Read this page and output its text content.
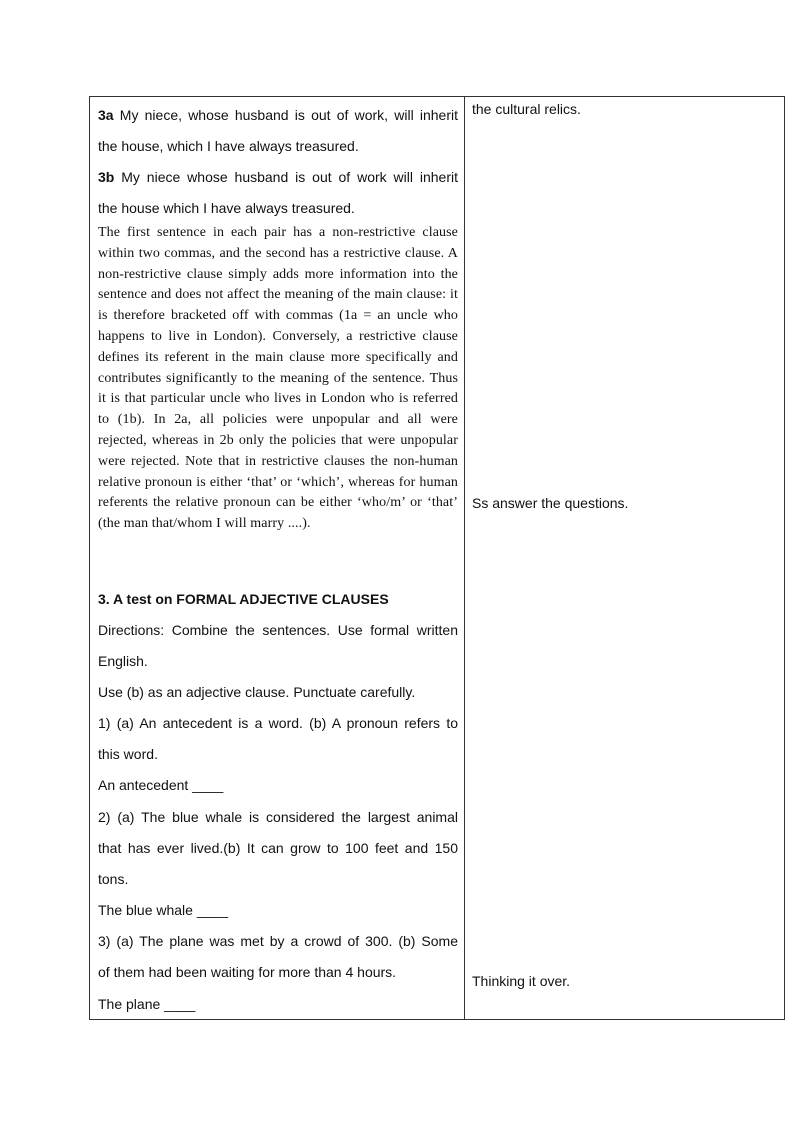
3a My niece, whose husband is out of work, will inherit

the house, which I have always treasured.

3b My niece whose husband is out of work will inherit

the house which I have always treasured.

The first sentence in each pair has a non-restrictive clause within two commas, and the second has a restrictive clause. A non-restrictive clause simply adds more information into the sentence and does not affect the meaning of the main clause: it is therefore bracketed off with commas (1a = an uncle who happens to live in London). Conversely, a restrictive clause defines its referent in the main clause more specifically and contributes significantly to the meaning of the sentence. Thus it is that particular uncle who lives in London who is referred to (1b). In 2a, all policies were unpopular and all were rejected, whereas in 2b only the policies that were unpopular were rejected. Note that in restrictive clauses the non-human relative pronoun is either ‘that’ or ‘which’, whereas for human referents the relative pronoun can be either ‘who/m’ or ‘that’ (the man that/whom I will marry ....).

3. A test on FORMAL ADJECTIVE CLAUSES

Directions: Combine the sentences. Use formal written

English.

Use (b) as an adjective clause. Punctuate carefully.

1) (a) An antecedent is a word. (b) A pronoun refers to

this word.

An antecedent ____

2) (a) The blue whale is considered the largest animal

that has ever lived.(b) It can grow to 100 feet and 150

tons.

The blue whale ____

3) (a) The plane was met by a crowd of 300. (b) Some

of them had been waiting for more than 4 hours.

The plane ____

the cultural relics.

Ss answer the questions.

Thinking it over.
